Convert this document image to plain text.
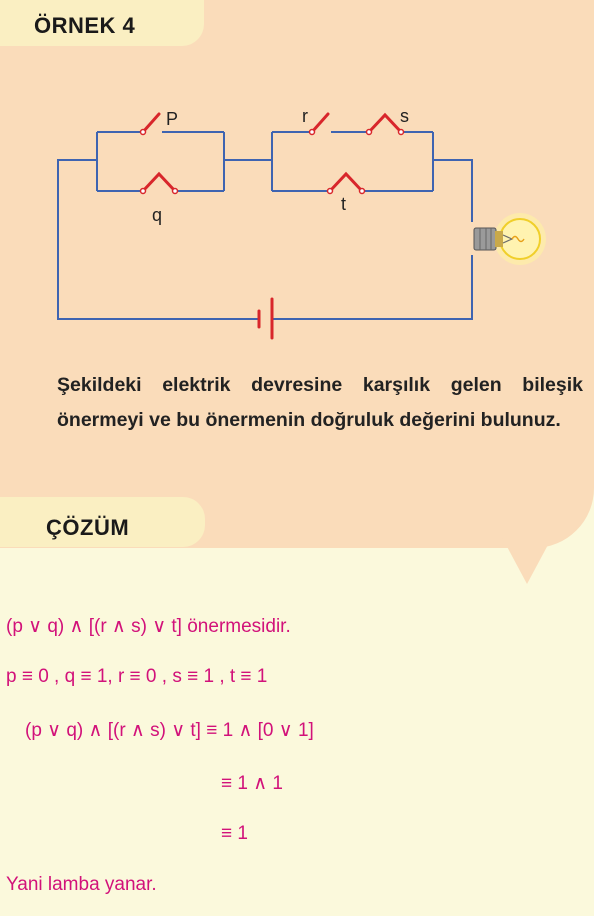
ÖRNEK 4
P
q
r	s
t

Şekildeki elektrik devresine karşılık gelen bileşik önermeyi ve bu önermenin doğruluk değerini bulunuz.

ÇÖZÜM

(p ∨ q) ∧ [(r ∧ s) ∨ t] önermesidir.

p ≡ 0 , q ≡ 1, r ≡ 0 , s ≡ 1 , t ≡ 1

(p ∨ q) ∧ [(r ∧ s) ∨ t] ≡ 1 ∧ [0 ∨ 1]

≡ 1 ∧ 1

≡ 1

Yani lamba yanar.
